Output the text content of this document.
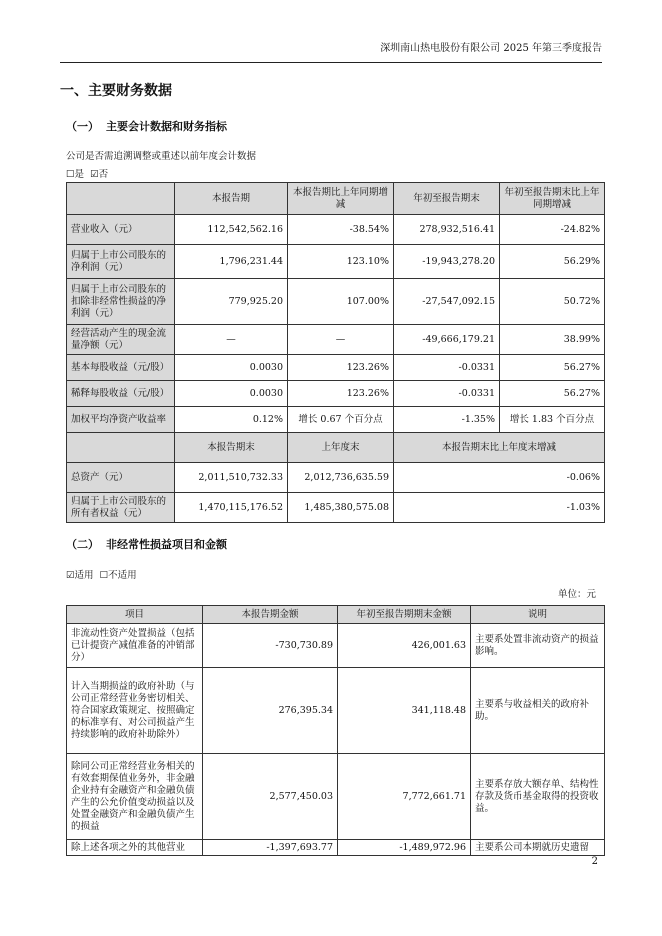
深圳南山热电股份有限公司 2025 年第三季度报告
一、主要财务数据
（一） 主要会计数据和财务指标
公司是否需追溯调整或重述以前年度会计数据
☐是 ☑否
	本报告期	本报告期比上年同期增减	年初至报告期末	年初至报告期末比上年同期增减
营业收入（元）	112,542,562.16	-38.54%	278,932,516.41	-24.82%
归属于上市公司股东的净利润（元）	1,796,231.44	123.10%	-19,943,278.20	56.29%
归属于上市公司股东的扣除非经常性损益的净利润（元）	779,925.20	107.00%	-27,547,092.15	50.72%
经营活动产生的现金流量净额（元）	—	—	-49,666,179.21	38.99%
基本每股收益（元/股）	0.0030	123.26%	-0.0331	56.27%
稀释每股收益（元/股）	0.0030	123.26%	-0.0331	56.27%
加权平均净资产收益率	0.12%	增长 0.67 个百分点	-1.35%	增长 1.83 个百分点
	本报告期末	上年度末	本报告期末比上年度末增减	
总资产（元）	2,011,510,732.33	2,012,736,635.59	-0.06%	
归属于上市公司股东的所有者权益（元）	1,470,115,176.52	1,485,380,575.08	-1.03%	
（二） 非经常性损益项目和金额
☑适用 ☐不适用
单位：元
项目	本报告期金额	年初至报告期期末金额	说明
非流动性资产处置损益（包括已计提资产减值准备的冲销部分）	-730,730.89	426,001.63	主要系处置非流动资产的损益影响。
计入当期损益的政府补助（与公司正常经营业务密切相关、符合国家政策规定、按照确定的标准享有、对公司损益产生持续影响的政府补助除外）	276,395.34	341,118.48	主要系与收益相关的政府补助。
除同公司正常经营业务相关的有效套期保值业务外，非金融企业持有金融资产和金融负债产生的公允价值变动损益以及处置金融资产和金融负债产生的损益	2,577,450.03	7,772,661.71	主要系存放大额存单、结构性存款及货币基金取得的投资收益。
除上述各项之外的其他营业	-1,397,693.77	-1,489,972.96	主要系公司本期就历史遗留
2
